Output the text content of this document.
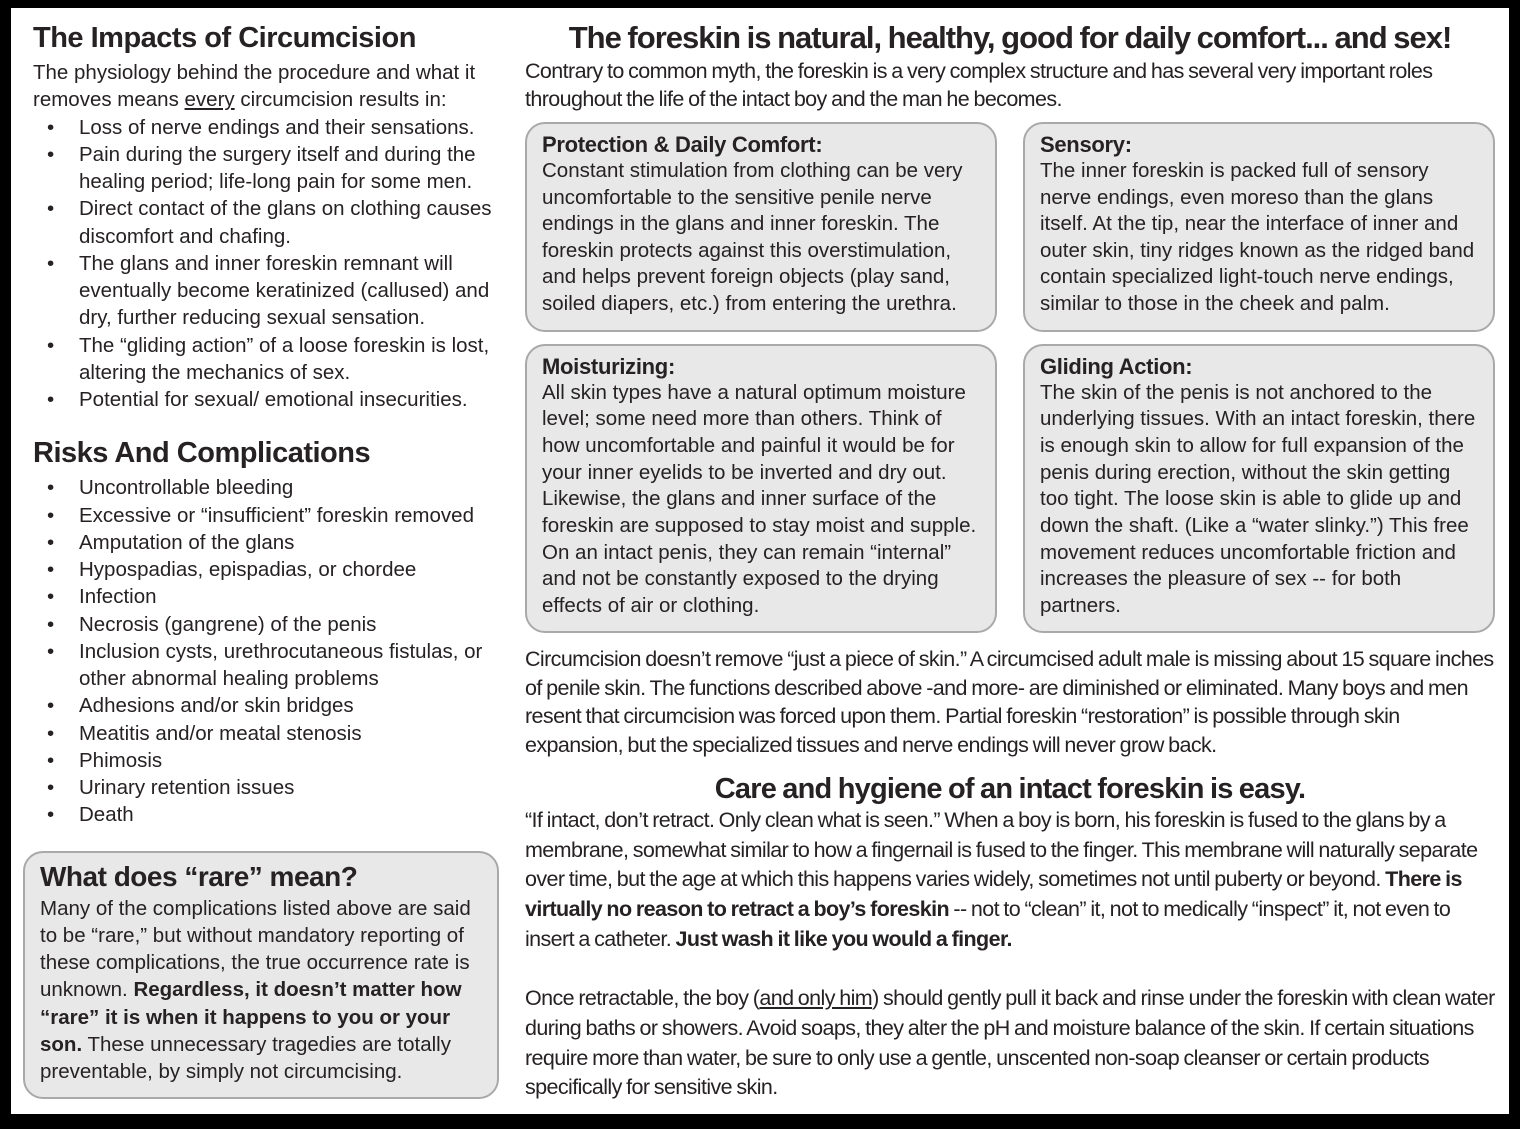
The Impacts of Circumcision

The physiology behind the procedure and what it removes means every circumcision results in:

• Loss of nerve endings and their sensations.
• Pain during the surgery itself and during the healing period; life-long pain for some men.
• Direct contact of the glans on clothing causes discomfort and chafing.
• The glans and inner foreskin remnant will eventually become keratinized (callused) and dry, further reducing sexual sensation.
• The “gliding action” of a loose foreskin is lost, altering the mechanics of sex.
• Potential for sexual/ emotional insecurities.
Risks And Complications
• Uncontrollable bleeding
• Excessive or “insufficient” foreskin removed
• Amputation of the glans
• Hypospadias, epispadias, or chordee
• Infection
• Necrosis (gangrene) of the penis
• Inclusion cysts, urethrocutaneous fistulas, or other abnormal healing problems
• Adhesions and/or skin bridges
• Meatitis and/or meatal stenosis
• Phimosis
• Urinary retention issues
• Death
What does “rare” mean?

Many of the complications listed above are said to be “rare,” but without mandatory reporting of these complications, the true occurrence rate is unknown. Regardless, it doesn’t matter how “rare” it is when it happens to you or your son. These unnecessary tragedies are totally preventable, by simply not circumcising.

The foreskin is natural, healthy, good for daily comfort... and sex!

Contrary to common myth, the foreskin is a very complex structure and has several very important roles throughout the life of the intact boy and the man he becomes.

Protection & Daily Comfort:

Constant stimulation from clothing can be very uncomfortable to the sensitive penile nerve endings in the glans and inner foreskin. The foreskin protects against this overstimulation, and helps prevent foreign objects (play sand, soiled diapers, etc.) from entering the urethra.

Sensory:

The inner foreskin is packed full of sensory nerve endings, even moreso than the glans itself. At the tip, near the interface of inner and outer skin, tiny ridges known as the ridged band contain specialized light-touch nerve endings, similar to those in the cheek and palm.

Moisturizing:

All skin types have a natural optimum moisture level; some need more than others. Think of how uncomfortable and painful it would be for your inner eyelids to be inverted and dry out. Likewise, the glans and inner surface of the foreskin are supposed to stay moist and supple. On an intact penis, they can remain “internal” and not be constantly exposed to the drying effects of air or clothing.

Gliding Action:

The skin of the penis is not anchored to the underlying tissues. With an intact foreskin, there is enough skin to allow for full expansion of the penis during erection, without the skin getting too tight. The loose skin is able to glide up and down the shaft. (Like a “water slinky.”) This free movement reduces uncomfortable friction and increases the pleasure of sex -- for both partners.

Circumcision doesn’t remove “just a piece of skin.” A circumcised adult male is missing about 15 square inches of penile skin. The functions described above -and more- are diminished or eliminated. Many boys and men resent that circumcision was forced upon them. Partial foreskin “restoration” is possible through skin expansion, but the specialized tissues and nerve endings will never grow back.

Care and hygiene of an intact foreskin is easy.

“If intact, don’t retract. Only clean what is seen.” When a boy is born, his foreskin is fused to the glans by a membrane, somewhat similar to how a fingernail is fused to the finger. This membrane will naturally separate over time, but the age at which this happens varies widely, sometimes not until puberty or beyond. There is virtually no reason to retract a boy’s foreskin -- not to “clean” it, not to medically “inspect” it, not even to insert a catheter. Just wash it like you would a finger.

Once retractable, the boy (and only him) should gently pull it back and rinse under the foreskin with clean water during baths or showers. Avoid soaps, they alter the pH and moisture balance of the skin. If certain situations require more than water, be sure to only use a gentle, unscented non-soap cleanser or certain products specifically for sensitive skin.
